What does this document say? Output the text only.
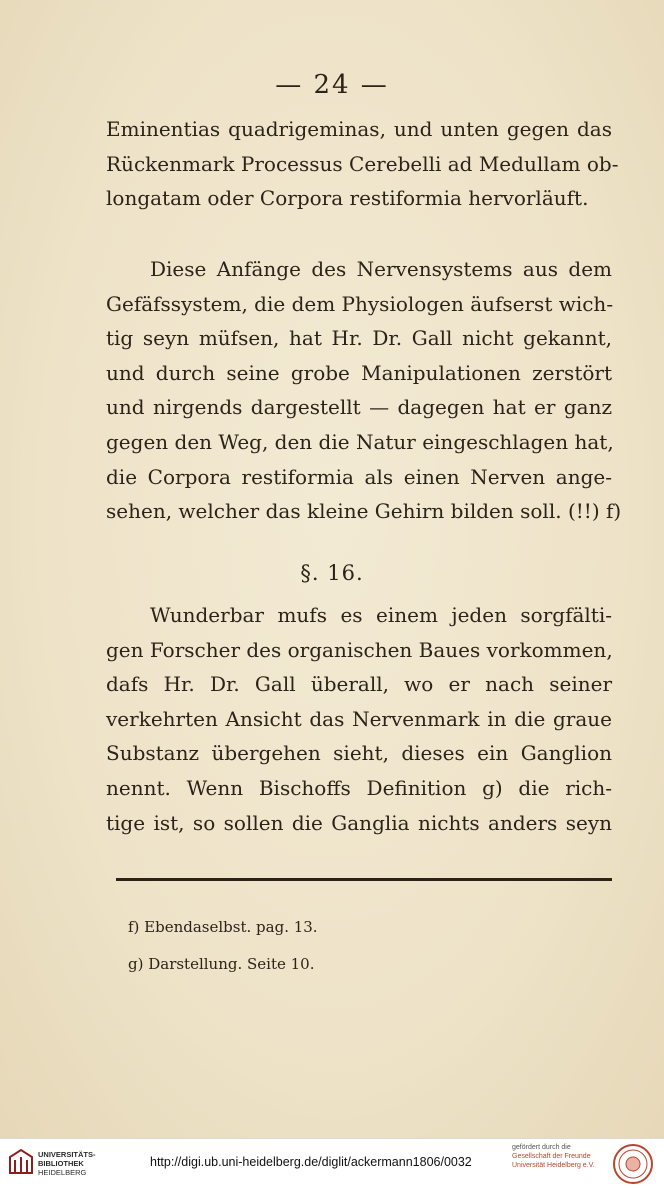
— 24 —

Eminentias quadrigeminas, und unten gegen das
Rückenmark Processus Cerebelli ad Medullam ob-
longatam oder Corpora restiformia hervorläuft.

Diese Anfänge des Nervensystems aus dem
Gefäfssystem, die dem Physiologen äufserst wich-
tig seyn müfsen, hat Hr. Dr. Gall nicht gekannt,
und durch seine grobe Manipulationen zerstört
und nirgends dargestellt — dagegen hat er ganz
gegen den Weg, den die Natur eingeschlagen hat,
die Corpora restiformia als einen Nerven ange-
sehen, welcher das kleine Gehirn bilden soll. (!!) f)

§. 16.

Wunderbar mufs es einem jeden sorgfälti-
gen Forscher des organischen Baues vorkommen,
dafs Hr. Dr. Gall überall, wo er nach seiner
verkehrten Ansicht das Nervenmark in die graue
Substanz übergehen sieht, dieses ein Ganglion
nennt. Wenn Bischoffs Definition g) die rich-
tige ist, so sollen die Ganglia nichts anders seyn

f) Ebendaselbst. pag. 13.
g) Darstellung. Seite 10.
UNIVERSITÄTS-
BIBLIOTHEK
HEIDELBERG
http://digi.ub.uni-heidelberg.de/diglit/ackermann1806/0032
gefördert durch die
Gesellschaft der Freunde
Universität Heidelberg e.V.
